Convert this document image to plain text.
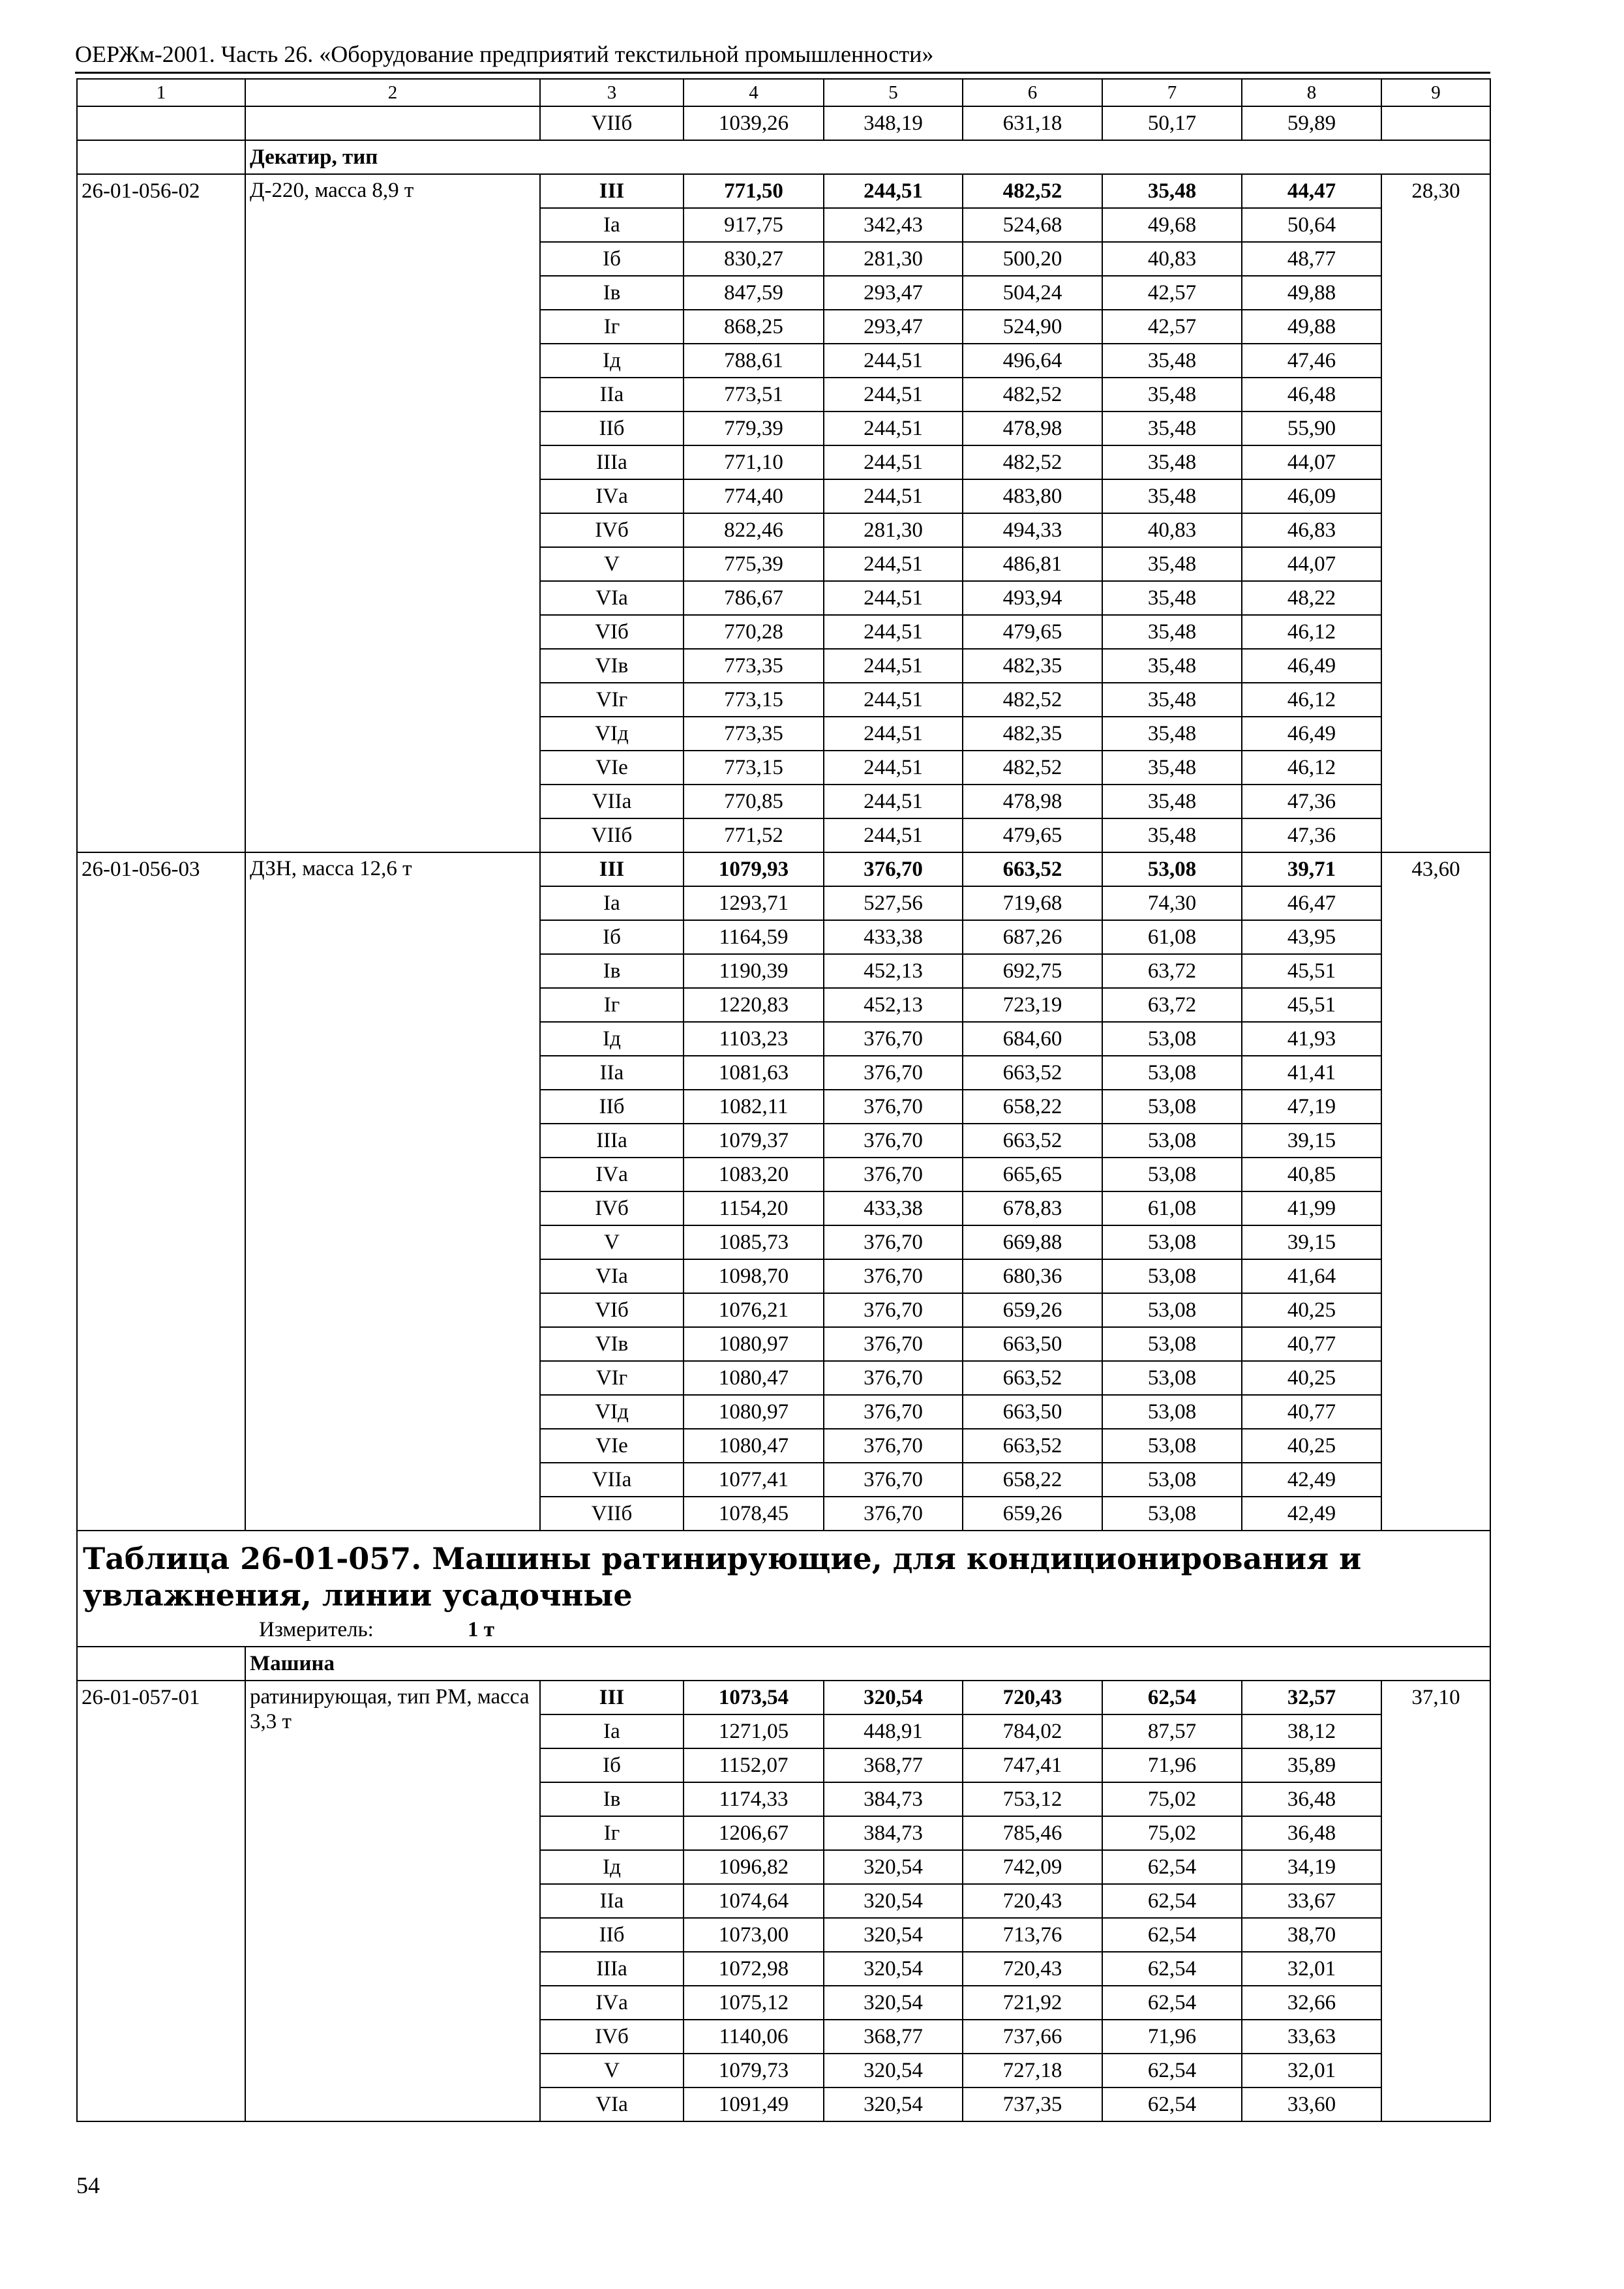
ОЕРЖм-2001. Часть 26. «Оборудование предприятий текстильной промышленности»
1	2	3	4	5	6	7	8	9
		VIIб	1039,26	348,19	631,18	50,17	59,89	
	Декатир, тип							
26-01-056-02	Д-220, масса 8,9 т	III	771,50	244,51	482,52	35,48	44,47	28,30
		Iа	917,75	342,43	524,68	49,68	50,64	
		Iб	830,27	281,30	500,20	40,83	48,77	
		Iв	847,59	293,47	504,24	42,57	49,88	
		Iг	868,25	293,47	524,90	42,57	49,88	
		Iд	788,61	244,51	496,64	35,48	47,46	
		IIа	773,51	244,51	482,52	35,48	46,48	
		IIб	779,39	244,51	478,98	35,48	55,90	
		IIIа	771,10	244,51	482,52	35,48	44,07	
		IVа	774,40	244,51	483,80	35,48	46,09	
		IVб	822,46	281,30	494,33	40,83	46,83	
		V	775,39	244,51	486,81	35,48	44,07	
		VIа	786,67	244,51	493,94	35,48	48,22	
		VIб	770,28	244,51	479,65	35,48	46,12	
		VIв	773,35	244,51	482,35	35,48	46,49	
		VIг	773,15	244,51	482,52	35,48	46,12	
		VIд	773,35	244,51	482,35	35,48	46,49	
		VIе	773,15	244,51	482,52	35,48	46,12	
		VIIа	770,85	244,51	478,98	35,48	47,36	
		VIIб	771,52	244,51	479,65	35,48	47,36	
26-01-056-03	ДЗН, масса 12,6 т	III	1079,93	376,70	663,52	53,08	39,71	43,60
		Iа	1293,71	527,56	719,68	74,30	46,47	
		Iб	1164,59	433,38	687,26	61,08	43,95	
		Iв	1190,39	452,13	692,75	63,72	45,51	
		Iг	1220,83	452,13	723,19	63,72	45,51	
		Iд	1103,23	376,70	684,60	53,08	41,93	
		IIа	1081,63	376,70	663,52	53,08	41,41	
		IIб	1082,11	376,70	658,22	53,08	47,19	
		IIIа	1079,37	376,70	663,52	53,08	39,15	
		IVа	1083,20	376,70	665,65	53,08	40,85	
		IVб	1154,20	433,38	678,83	61,08	41,99	
		V	1085,73	376,70	669,88	53,08	39,15	
		VIа	1098,70	376,70	680,36	53,08	41,64	
		VIб	1076,21	376,70	659,26	53,08	40,25	
		VIв	1080,97	376,70	663,50	53,08	40,77	
		VIг	1080,47	376,70	663,52	53,08	40,25	
		VIд	1080,97	376,70	663,50	53,08	40,77	
		VIе	1080,47	376,70	663,52	53,08	40,25	
		VIIа	1077,41	376,70	658,22	53,08	42,49	
		VIIб	1078,45	376,70	659,26	53,08	42,49	

Таблица 26-01-057. Машины ратинирующие, для кондиционирования и увлажнения, линии усадочные
Измеритель: 1 т								

	Машина							
26-01-057-01	ратинирующая, тип РМ, масса 3,3 т	III	1073,54	320,54	720,43	62,54	32,57	37,10
		Iа	1271,05	448,91	784,02	87,57	38,12	
		Iб	1152,07	368,77	747,41	71,96	35,89	
		Iв	1174,33	384,73	753,12	75,02	36,48	
		Iг	1206,67	384,73	785,46	75,02	36,48	
		Iд	1096,82	320,54	742,09	62,54	34,19	
		IIа	1074,64	320,54	720,43	62,54	33,67	
		IIб	1073,00	320,54	713,76	62,54	38,70	
		IIIа	1072,98	320,54	720,43	62,54	32,01	
		IVа	1075,12	320,54	721,92	62,54	32,66	
		IVб	1140,06	368,77	737,66	71,96	33,63	
		V	1079,73	320,54	727,18	62,54	32,01	
		VIа	1091,49	320,54	737,35	62,54	33,60	
54
